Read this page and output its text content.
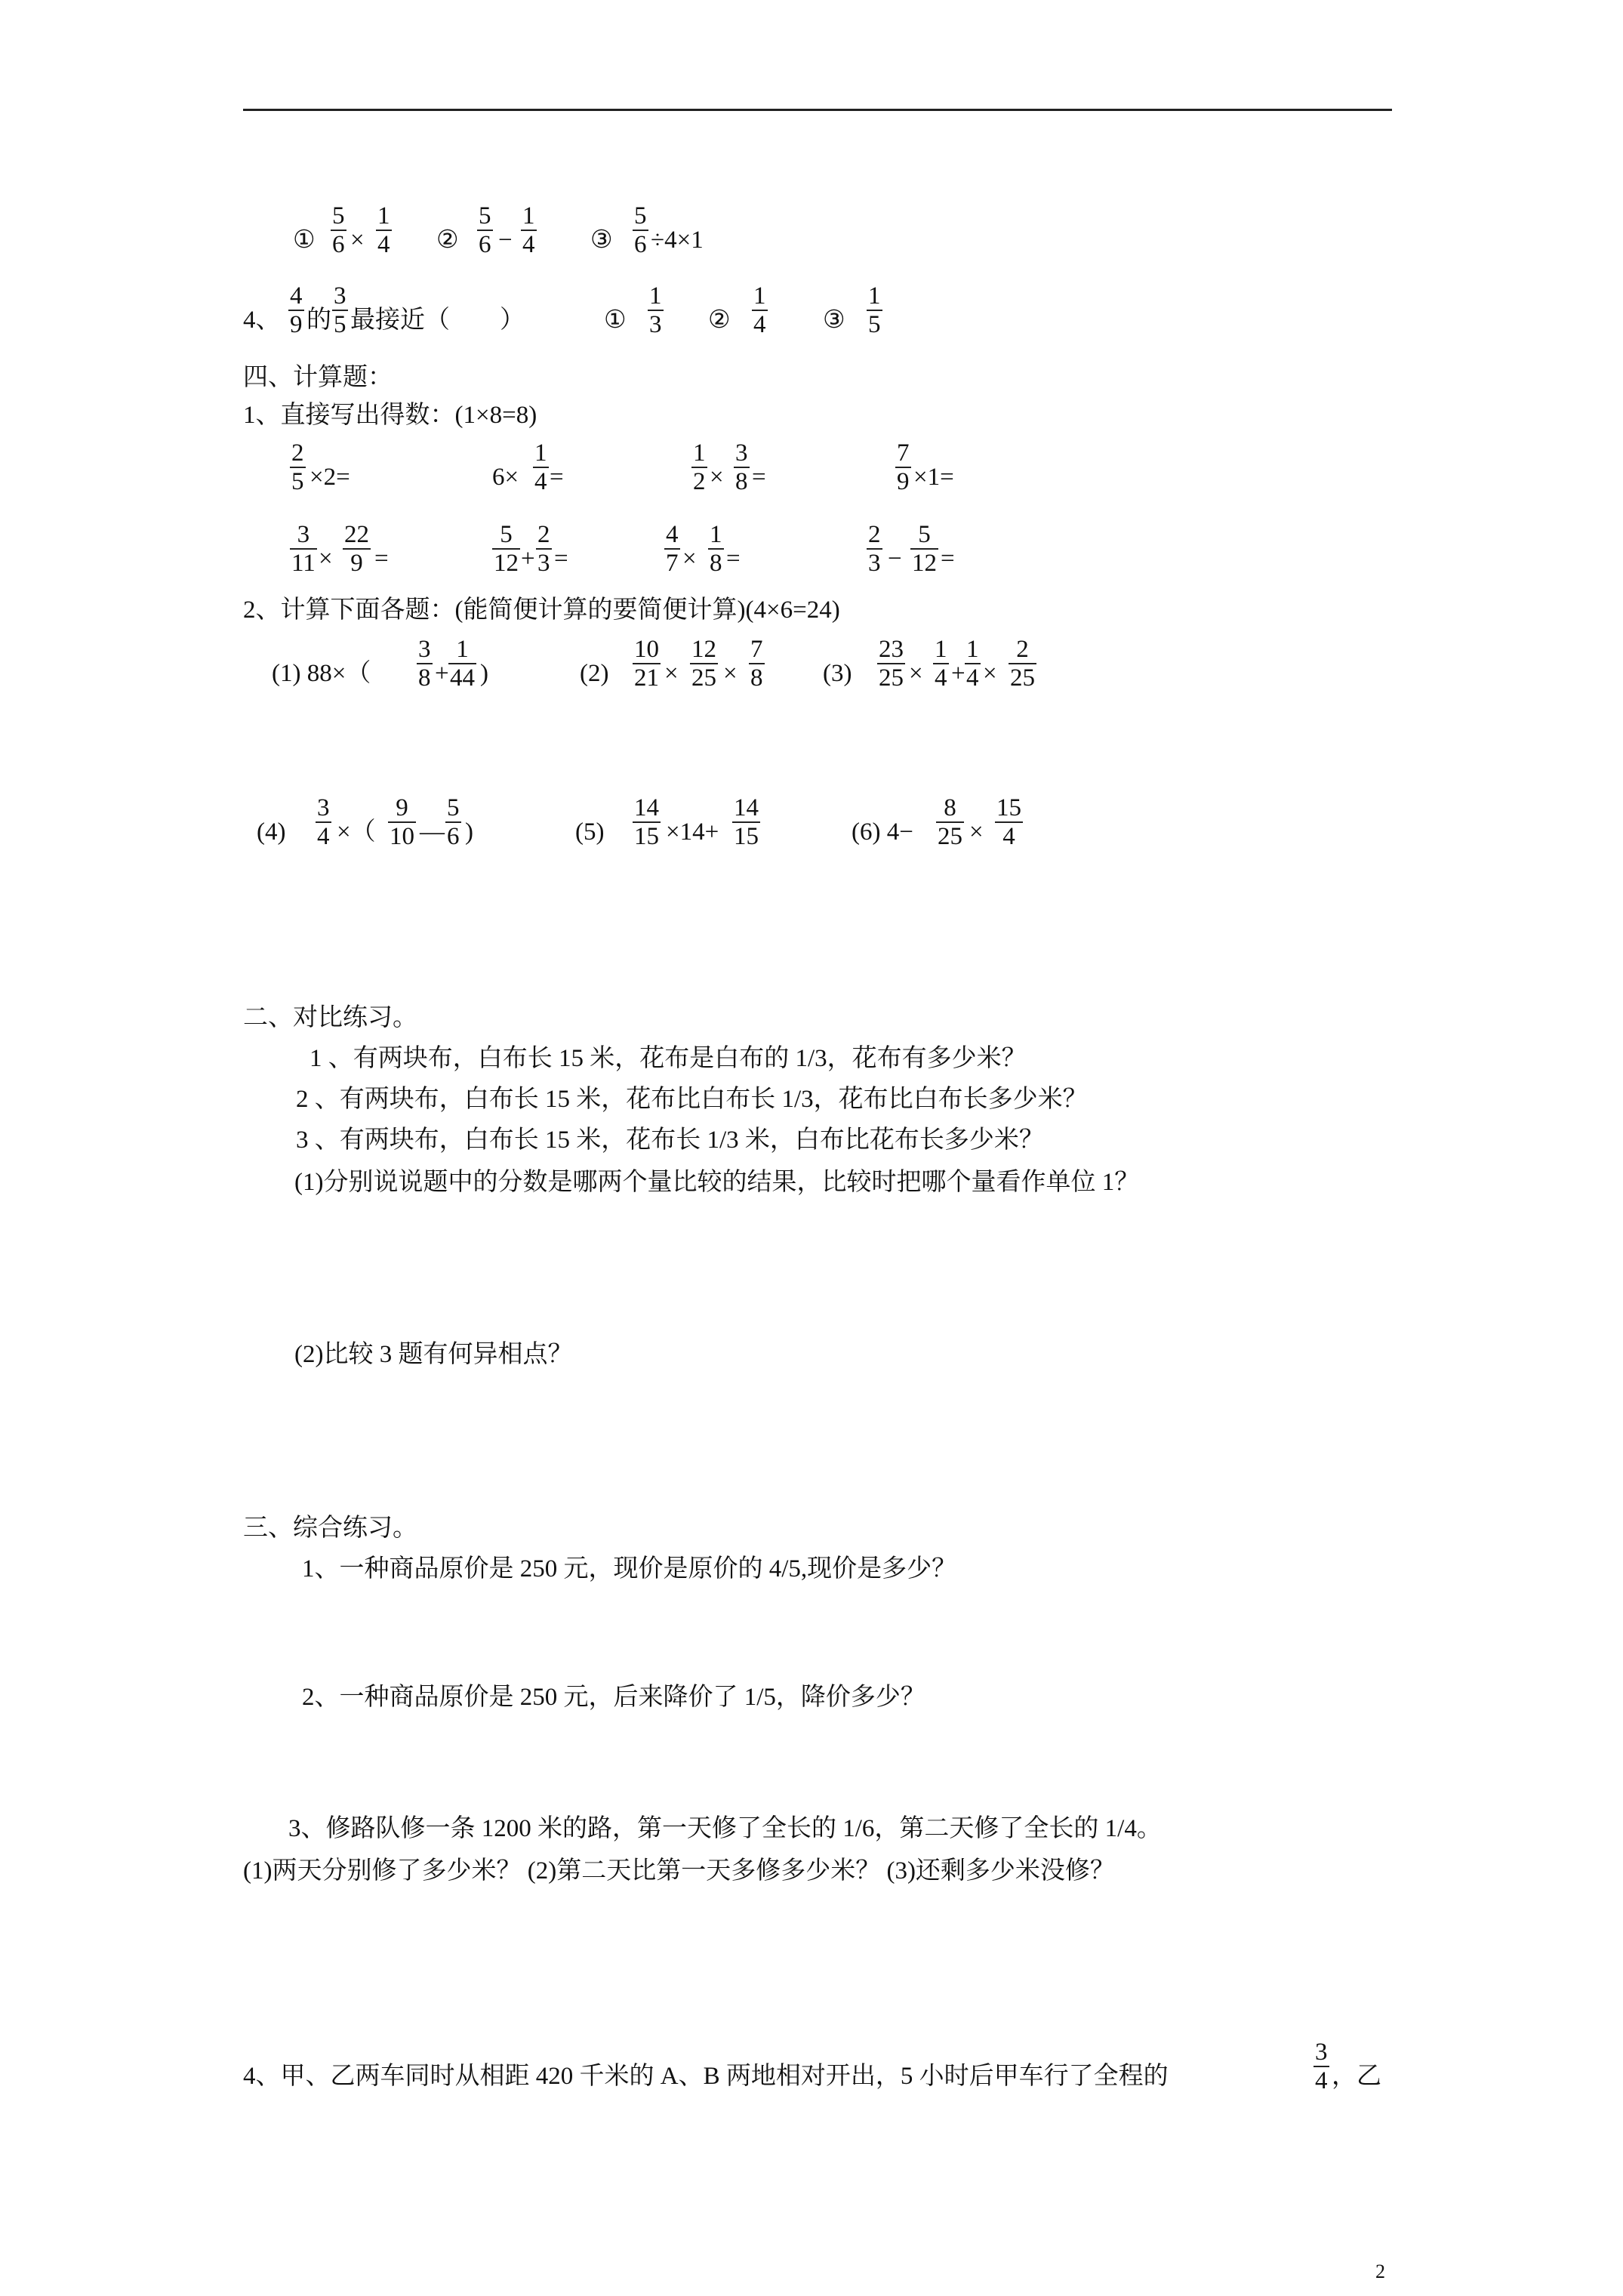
① $\frac{5}{6} \times \frac{1}{4}$ ② $\frac{5}{6} - \frac{1}{4}$ ③ $\frac{5}{6} \div 4\times 1$
4、 $\frac{4}{9}$ 的 $\frac{3}{5}$ 最接近（　　）	① $\frac{1}{3}$ ② $\frac{1}{4}$ ③ $\frac{1}{5}$
四、计算题：
1、直接写出得数：(1×8=8)
$\frac{2}{5} \times 2=$	$6\times \frac{1}{4}$ =	$\frac{1}{2} \times \frac{3}{8}$ =	$\frac{7}{9} \times 1=$
$\frac{3}{11} \times \frac{22}{9}$ =	$\frac{5}{12} + \frac{2}{3}$ =	$\frac{4}{7} \times \frac{1}{8}$ =	$\frac{2}{3} - \frac{5}{12}$ =
2、计算下面各题：(能简便计算的要简便计算)(4×6=24)
(1) $88\times( \frac{3}{8} + \frac{1}{44}$ )	$(2) \frac{10}{21} \times \frac{12}{25} \times \frac{7}{8} (3) \frac{23}{25} \times \frac{1}{4} + \frac{1}{4} \times \frac{2}{25}$
$(4) \frac{3}{4}$ ×（ $\frac{9}{10}$ — $\frac{5}{6}$ )	$(5) \frac{14}{15} \times 14+ \frac{14}{15}$	(6) $4- \frac{8}{25} \times \frac{15}{4}$
二、对比练习。
1 、有两块布，白布长 15 米，花布是白布的 1/3，花布有多少米？
2 、有两块布，白布长 15 米，花布比白布长 1/3，花布比白布长多少米？
3 、有两块布，白布长 15 米，花布长 1/3 米，白布比花布长多少米？
(1)分别说说题中的分数是哪两个量比较的结果，比较时把哪个量看作单位 1？
(2)比较 3 题有何异相点？
三、综合练习。
1、一种商品原价是 250 元，现价是原价的 4/5,现价是多少？
2、一种商品原价是 250 元，后来降价了 1/5，降价多少？
3、修路队修一条 1200 米的路，第一天修了全长的 1/6，第二天修了全长的 1/4。
(1)两天分别修了多少米？ (2)第二天比第一天多修多少米？ (3)还剩多少米没修？
4、甲、乙两车同时从相距 420 千米的 A、B 两地相对开出，5 小时后甲车行了全程的	$\frac{3}{4}$ ，乙
2
